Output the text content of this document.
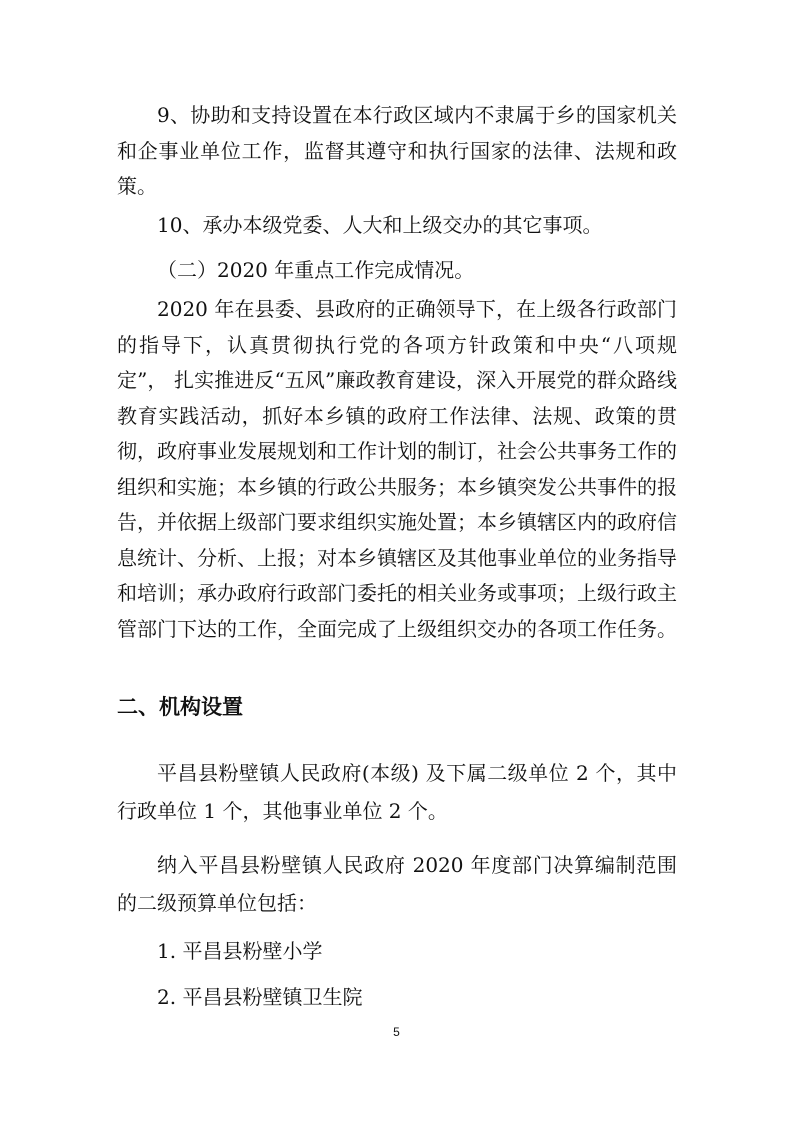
9、协助和支持设置在本行政区域内不隶属于乡的国家机关和企事业单位工作，监督其遵守和执行国家的法律、法规和政策。

10、承办本级党委、人大和上级交办的其它事项。

（二）2020 年重点工作完成情况。

2020 年在县委、县政府的正确领导下，在上级各行政部门的指导下，认真贯彻执行党的各项方针政策和中央“八项规定”， 扎实推进反“五风”廉政教育建设，深入开展党的群众路线教育实践活动，抓好本乡镇的政府工作法律、法规、政策的贯彻，政府事业发展规划和工作计划的制订，社会公共事务工作的组织和实施；本乡镇的行政公共服务；本乡镇突发公共事件的报告，并依据上级部门要求组织实施处置；本乡镇辖区内的政府信息统计、分析、上报；对本乡镇辖区及其他事业单位的业务指导和培训；承办政府行政部门委托的相关业务或事项；上级行政主管部门下达的工作，全面完成了上级组织交办的各项工作任务。

二、机构设置

平昌县粉壁镇人民政府(本级) 及下属二级单位 2 个，其中行政单位 1 个，其他事业单位 2 个。

纳入平昌县粉壁镇人民政府 2020 年度部门决算编制范围的二级预算单位包括：

1. 平昌县粉壁小学

2. 平昌县粉壁镇卫生院

5
